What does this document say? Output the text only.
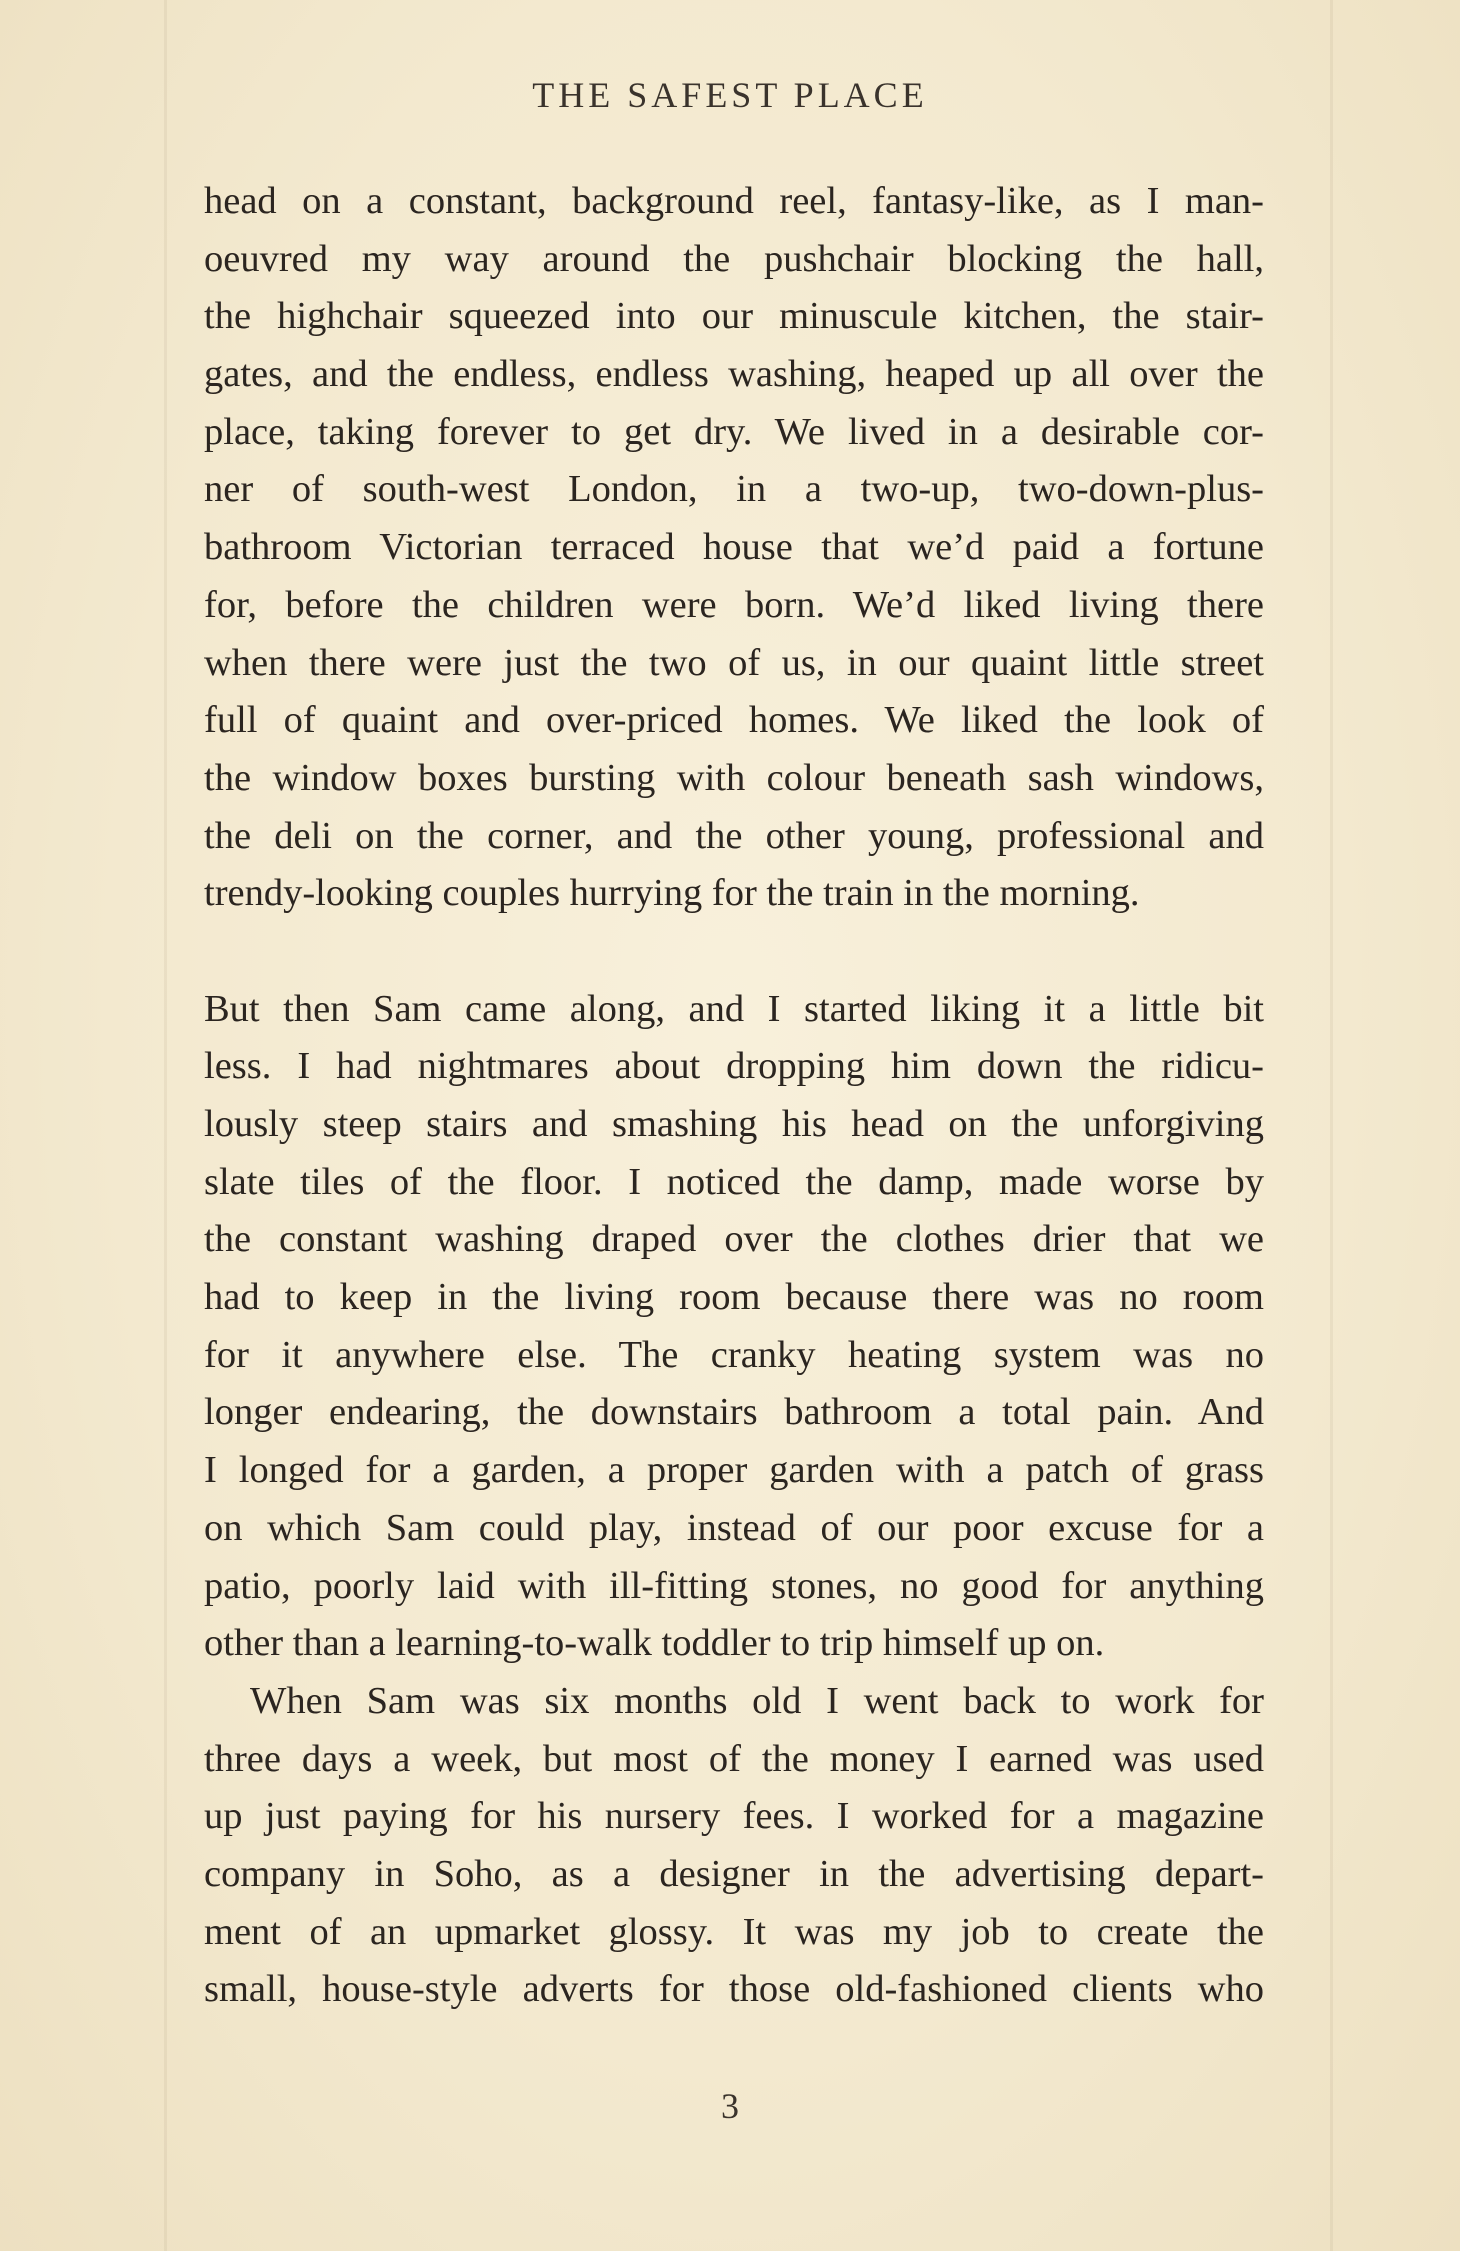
THE SAFEST PLACE
head on a constant, background reel, fantasy-like, as I man-
oeuvred my way around the pushchair blocking the hall,
the highchair squeezed into our minuscule kitchen, the stair-
gates, and the endless, endless washing, heaped up all over the
place, taking forever to get dry. We lived in a desirable cor-
ner of south-west London, in a two-up, two-down-plus-
bathroom Victorian terraced house that we’d paid a fortune
for, before the children were born. We’d liked living there
when there were just the two of us, in our quaint little street
full of quaint and over-priced homes. We liked the look of
the window boxes bursting with colour beneath sash windows,
the deli on the corner, and the other young, professional and
trendy-looking couples hurrying for the train in the morning.
But then Sam came along, and I started liking it a little bit
less. I had nightmares about dropping him down the ridicu-
lously steep stairs and smashing his head on the unforgiving
slate tiles of the floor. I noticed the damp, made worse by
the constant washing draped over the clothes drier that we
had to keep in the living room because there was no room
for it anywhere else. The cranky heating system was no
longer endearing, the downstairs bathroom a total pain. And
I longed for a garden, a proper garden with a patch of grass
on which Sam could play, instead of our poor excuse for a
patio, poorly laid with ill-fitting stones, no good for anything
other than a learning-to-walk toddler to trip himself up on.
When Sam was six months old I went back to work for
three days a week, but most of the money I earned was used
up just paying for his nursery fees. I worked for a magazine
company in Soho, as a designer in the advertising depart-
ment of an upmarket glossy. It was my job to create the
small, house-style adverts for those old-fashioned clients who
3
